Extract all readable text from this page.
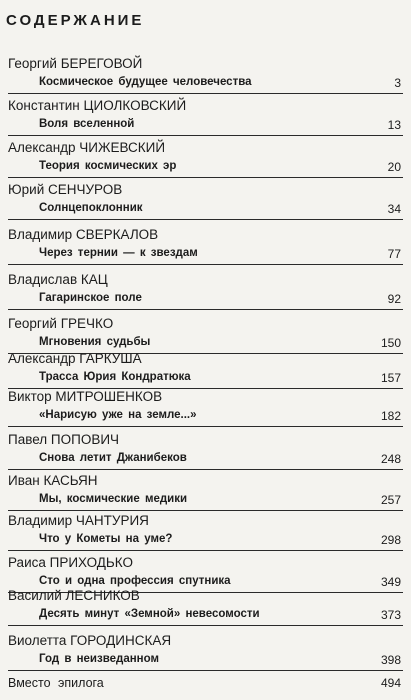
СОДЕРЖАНИЕ
Георгий БЕРЕГОВОЙ
Космическое будущее человечества	3
Константин ЦИОЛКОВСКИЙ
Воля вселенной	13
Александр ЧИЖЕВСКИЙ
Теория космических эр	20
Юрий СЕНЧУРОВ
Солнцепоклонник	34
Владимир СВЕРКАЛОВ
Через тернии — к звездам	77
Владислав КАЦ
Гагаринское поле	92
Георгий ГРЕЧКО
Мгновения судьбы	150
Александр ГАРКУША
Трасса Юрия Кондратюка	157
Виктор МИТРОШЕНКОВ
«Нарисую уже на земле...»	182
Павел ПОПОВИЧ
Снова летит Джанибеков	248
Иван КАСЬЯН
Мы, космические медики	257
Владимир ЧАНТУРИЯ
Что у Кометы на уме?	298
Раиса ПРИХОДЬКО
Сто и одна профессия спутника	349
Василий ЛЕСНИКОВ
Десять минут «Земной» невесомости	373
Виолетта ГОРОДИНСКАЯ
Год в неизведанном	398
Вместо эпилога	494
